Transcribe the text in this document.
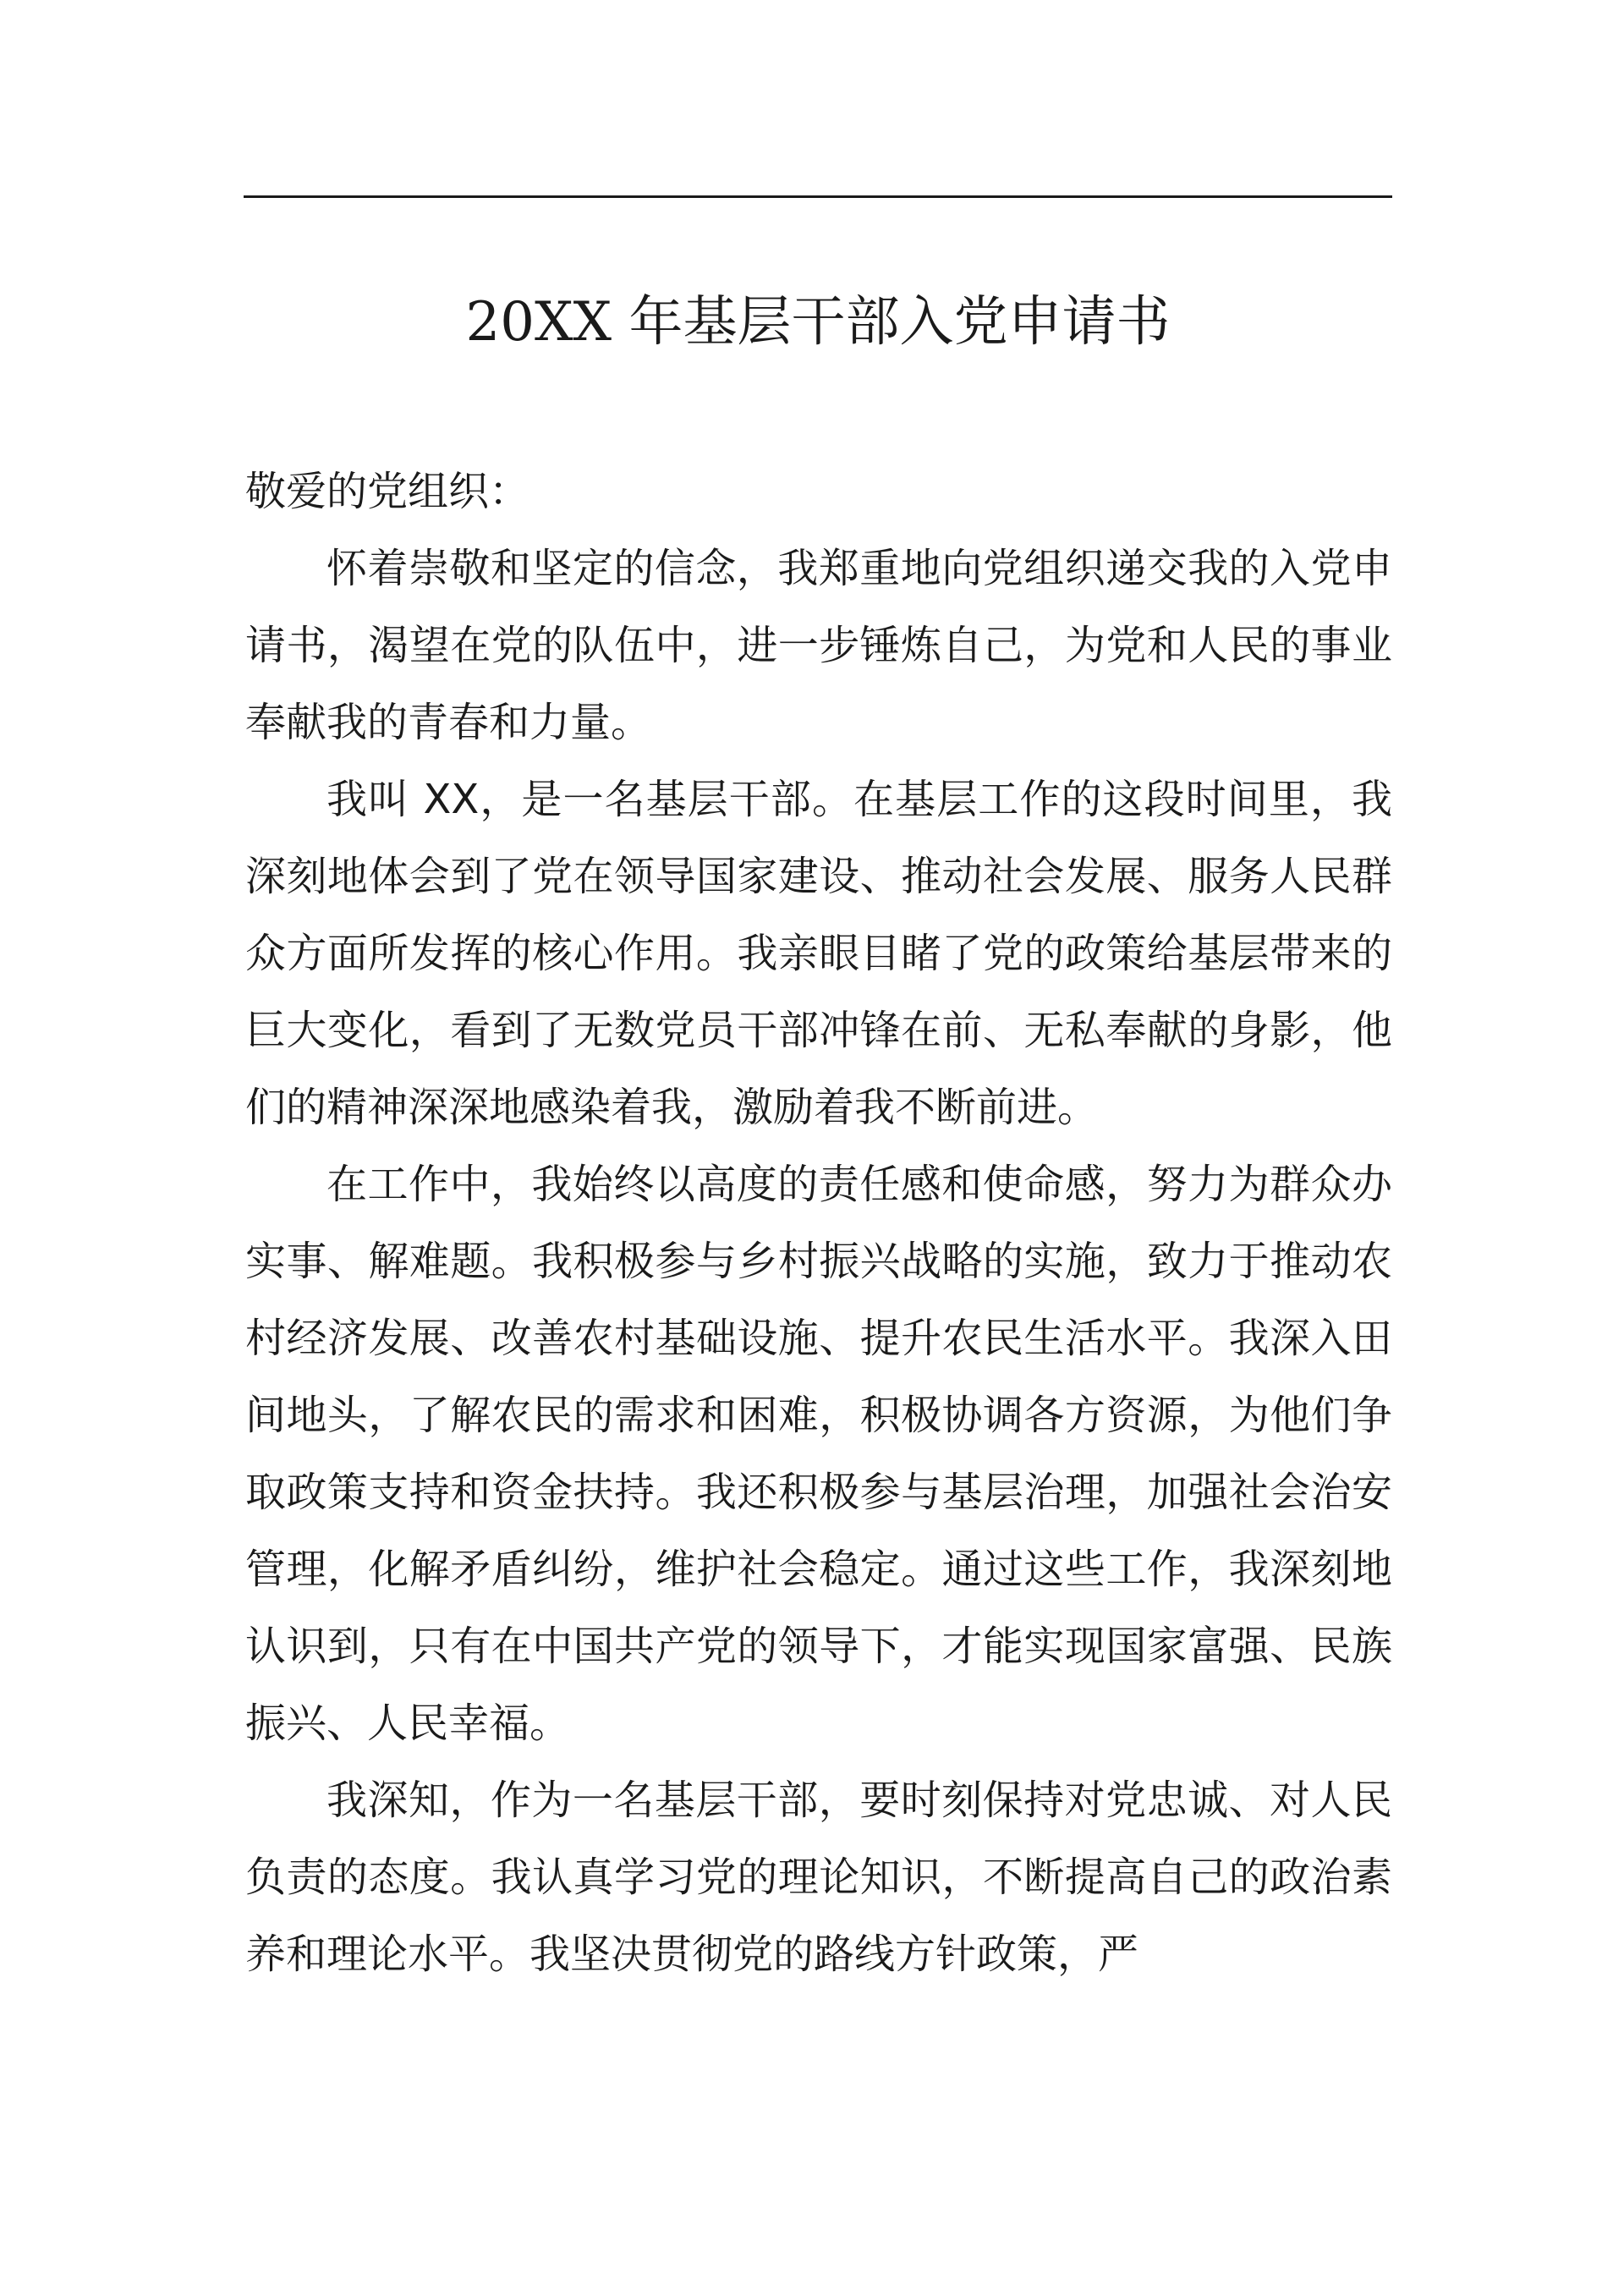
20XX 年基层干部入党申请书

敬爱的党组织：

怀着崇敬和坚定的信念，我郑重地向党组织递交我的入党申请书，渴望在党的队伍中，进一步锤炼自己，为党和人民的事业奉献我的青春和力量。

我叫 XX，是一名基层干部。在基层工作的这段时间里，我深刻地体会到了党在领导国家建设、推动社会发展、服务人民群众方面所发挥的核心作用。我亲眼目睹了党的政策给基层带来的巨大变化，看到了无数党员干部冲锋在前、无私奉献的身影，他们的精神深深地感染着我，激励着我不断前进。

在工作中，我始终以高度的责任感和使命感，努力为群众办实事、解难题。我积极参与乡村振兴战略的实施，致力于推动农村经济发展、改善农村基础设施、提升农民生活水平。我深入田间地头，了解农民的需求和困难，积极协调各方资源，为他们争取政策支持和资金扶持。我还积极参与基层治理，加强社会治安管理，化解矛盾纠纷，维护社会稳定。通过这些工作，我深刻地认识到，只有在中国共产党的领导下，才能实现国家富强、民族振兴、人民幸福。

我深知，作为一名基层干部，要时刻保持对党忠诚、对人民负责的态度。我认真学习党的理论知识，不断提高自己的政治素养和理论水平。我坚决贯彻党的路线方针政策，严
